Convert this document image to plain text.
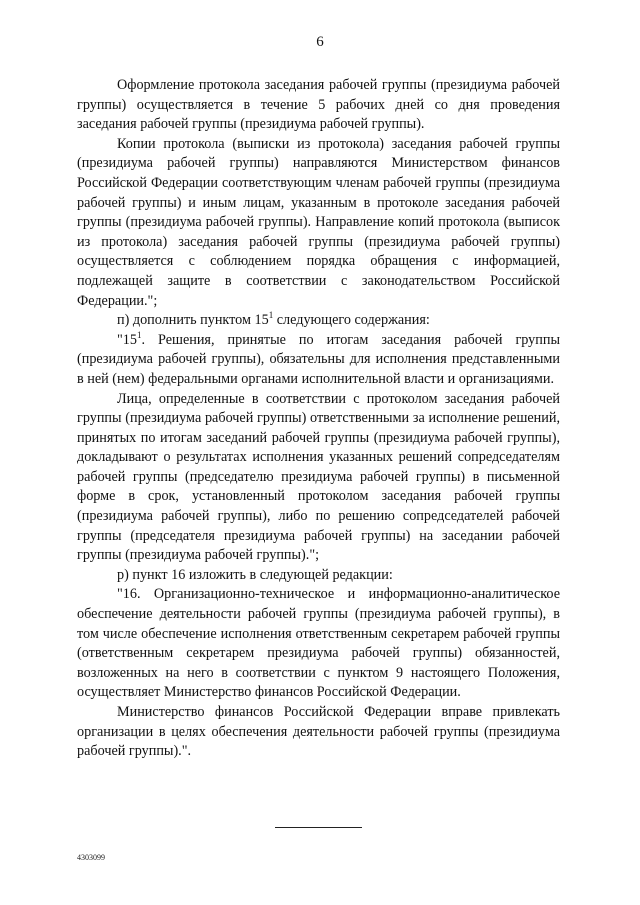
6

Оформление протокола заседания рабочей группы (президиума рабочей группы) осуществляется в течение 5 рабочих дней со дня проведения заседания рабочей группы (президиума рабочей группы).

Копии протокола (выписки из протокола) заседания рабочей группы (президиума рабочей группы) направляются Министерством финансов Российской Федерации соответствующим членам рабочей группы (президиума рабочей группы) и иным лицам, указанным в протоколе заседания рабочей группы (президиума рабочей группы). Направление копий протокола (выписок из протокола) заседания рабочей группы (президиума рабочей группы) осуществляется с соблюдением порядка обращения с информацией, подлежащей защите в соответствии с законодательством Российской Федерации.";

п) дополнить пунктом $15^1$ следующего содержания:

"$15^1$. Решения, принятые по итогам заседания рабочей группы (президиума рабочей группы), обязательны для исполнения представленными в ней (нем) федеральными органами исполнительной власти и организациями.

Лица, определенные в соответствии с протоколом заседания рабочей группы (президиума рабочей группы) ответственными за исполнение решений, принятых по итогам заседаний рабочей группы (президиума рабочей группы), докладывают о результатах исполнения указанных решений сопредседателям рабочей группы (председателю президиума рабочей группы) в письменной форме в срок, установленный протоколом заседания рабочей группы (президиума рабочей группы), либо по решению сопредседателей рабочей группы (председателя президиума рабочей группы) на заседании рабочей группы (президиума рабочей группы).";

р) пункт 16 изложить в следующей редакции:

"16. Организационно-техническое и информационно-аналитическое обеспечение деятельности рабочей группы (президиума рабочей группы), в том числе обеспечение исполнения ответственным секретарем рабочей группы (ответственным секретарем президиума рабочей группы) обязанностей, возложенных на него в соответствии с пунктом 9 настоящего Положения, осуществляет Министерство финансов Российской Федерации.

Министерство финансов Российской Федерации вправе привлекать организации в целях обеспечения деятельности рабочей группы (президиума рабочей группы).".

4303099
